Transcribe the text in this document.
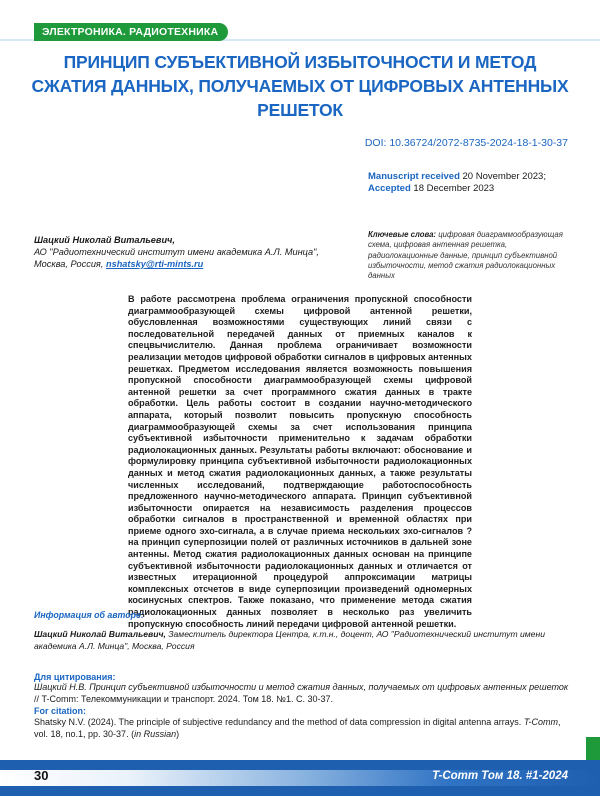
ЭЛЕКТРОНИКА. РАДИОТЕХНИКА
ПРИНЦИП СУБЪЕКТИВНОЙ ИЗБЫТОЧНОСТИ И МЕТОД СЖАТИЯ ДАННЫХ, ПОЛУЧАЕМЫХ ОТ ЦИФРОВЫХ АНТЕННЫХ РЕШЕТОК
DOI: 10.36724/2072-8735-2024-18-1-30-37
Manuscript received 20 November 2023;
Accepted 18 December 2023
Шацкий Николай Витальевич,
АО "Радиотехнический институт имени академика А.Л. Минца", Москва, Россия, nshatsky@rti-mints.ru
Ключевые слова: цифровая диаграммообразующая схема, цифровая антенная решетка, радиолокационные данные, принцип субъективной избыточности, метод сжатия радиолокационных данных
В работе рассмотрена проблема ограничения пропускной способности диаграммообразующей схемы цифровой антенной решетки, обусловленная возможностями существующих линий связи с последовательной передачей данных от приемных каналов к спецвычислителю. Данная проблема ограничивает возможности реализации методов цифровой обработки сигналов в цифровых антенных решетках. Предметом исследования является возможность повышения пропускной способности диаграммообразующей схемы цифровой антенной решетки за счет программного сжатия данных в тракте обработки. Цель работы состоит в создании научно-методического аппарата, который позволит повысить пропускную способность диаграммообразующей схемы за счет использования принципа субъективной избыточности применительно к задачам обработки радиолокационных данных. Результаты работы включают: обоснование и формулировку принципа субъективной избыточности радиолокационных данных и метод сжатия радиолокационных данных, а также результаты численных исследований, подтверждающие работоспособность предложенного научно-методического аппарата. Принцип субъективной избыточности опирается на независимость разделения процессов обработки сигналов в пространственной и временной областях при приеме одного эхо-сигнала, а в случае приема нескольких эхо-сигналов ? на принцип суперпозиции полей от различных источников в дальней зоне антенны. Метод сжатия радиолокационных данных основан на принципе субъективной избыточности радиолокационных данных и отличается от известных итерационной процедурой аппроксимации матрицы комплексных отсчетов в виде суперпозиции произведений одномерных косинусных спектров. Также показано, что применение метода сжатия радиолокационных данных позволяет в несколько раз увеличить пропускную способность линий передачи цифровой антенной решетки.
Информация об авторе:
Шацкий Николай Витальевич, Заместитель директора Центра, к.т.н., доцент, АО "Радиотехнический институт имени академика А.Л. Минца", Москва, Россия
Для цитирования:
Шацкий Н.В. Принцип субъективной избыточности и метод сжатия данных, получаемых от цифровых антенных решеток // T-Comm: Телекоммуникации и транспорт. 2024. Том 18. №1. С. 30-37.
For citation:
Shatsky N.V. (2024). The principle of subjective redundancy and the method of data compression in digital antenna arrays. T-Comm, vol. 18, no.1, pp. 30-37. (in Russian)
30	T-Comm Том 18. #1-2024
